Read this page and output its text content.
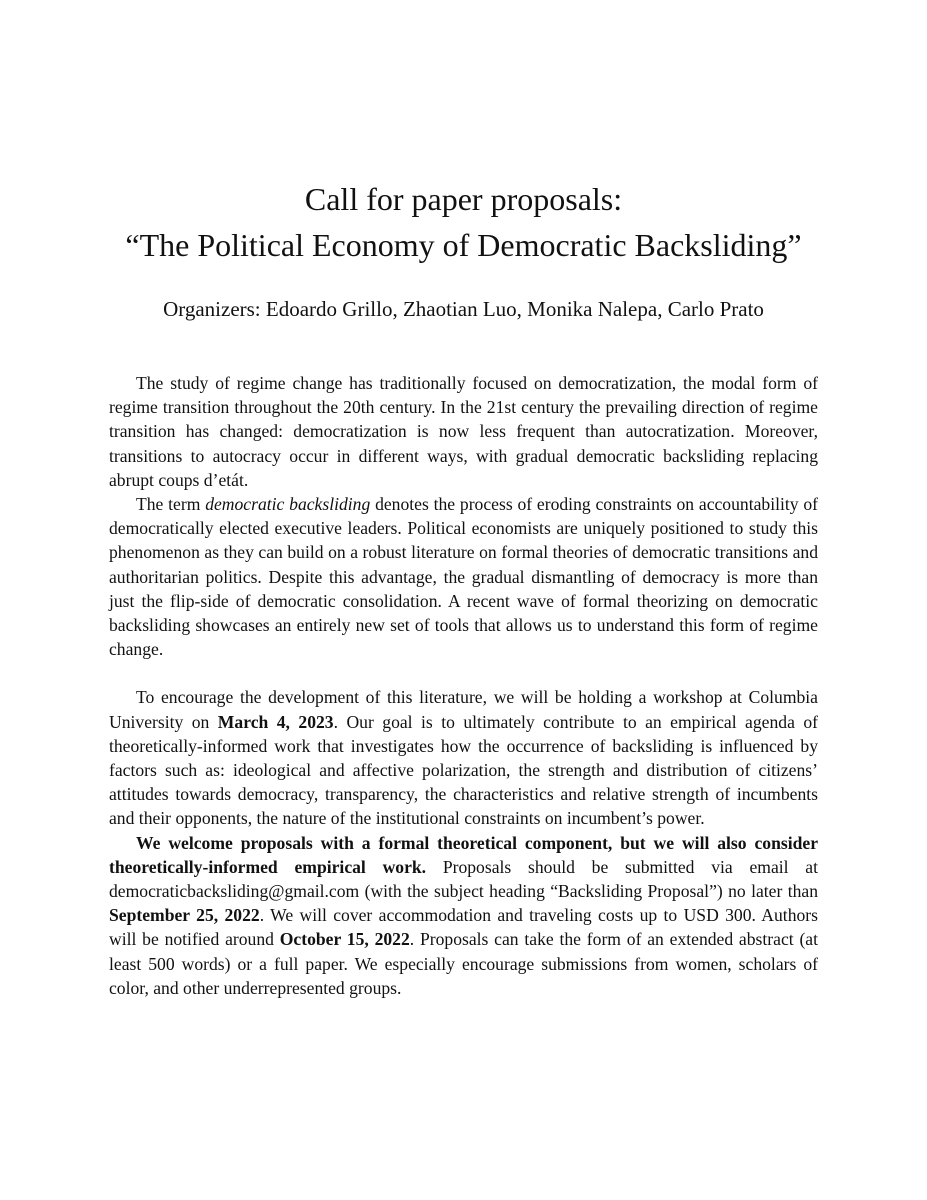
Call for paper proposals:
“The Political Economy of Democratic Backsliding”
Organizers: Edoardo Grillo, Zhaotian Luo, Monika Nalepa, Carlo Prato

The study of regime change has traditionally focused on democratization, the modal form of regime transition throughout the 20th century. In the 21st century the prevailing direction of regime transition has changed: democratization is now less frequent than autocratization. Moreover, transitions to autocracy occur in different ways, with gradual democratic backsliding replacing abrupt coups d’etát.

The term democratic backsliding denotes the process of eroding constraints on accountability of democratically elected executive leaders. Political economists are uniquely positioned to study this phenomenon as they can build on a robust literature on formal theories of democratic transitions and authoritarian politics. Despite this advantage, the gradual dismantling of democracy is more than just the flip-side of democratic consolidation. A recent wave of formal theorizing on democratic backsliding showcases an entirely new set of tools that allows us to understand this form of regime change.

To encourage the development of this literature, we will be holding a workshop at Columbia University on March 4, 2023. Our goal is to ultimately contribute to an empirical agenda of theoretically-informed work that investigates how the occurrence of backsliding is influenced by factors such as: ideological and affective polarization, the strength and distribution of citizens’ attitudes towards democracy, transparency, the characteristics and relative strength of incumbents and their opponents, the nature of the institutional constraints on incumbent’s power.

We welcome proposals with a formal theoretical component, but we will also consider theoretically-informed empirical work. Proposals should be submitted via email at democraticbacksliding@gmail.com (with the subject heading “Backsliding Proposal”) no later than September 25, 2022. We will cover accommodation and traveling costs up to USD 300. Authors will be notified around October 15, 2022. Proposals can take the form of an extended abstract (at least 500 words) or a full paper. We especially encourage submissions from women, scholars of color, and other underrepresented groups.
